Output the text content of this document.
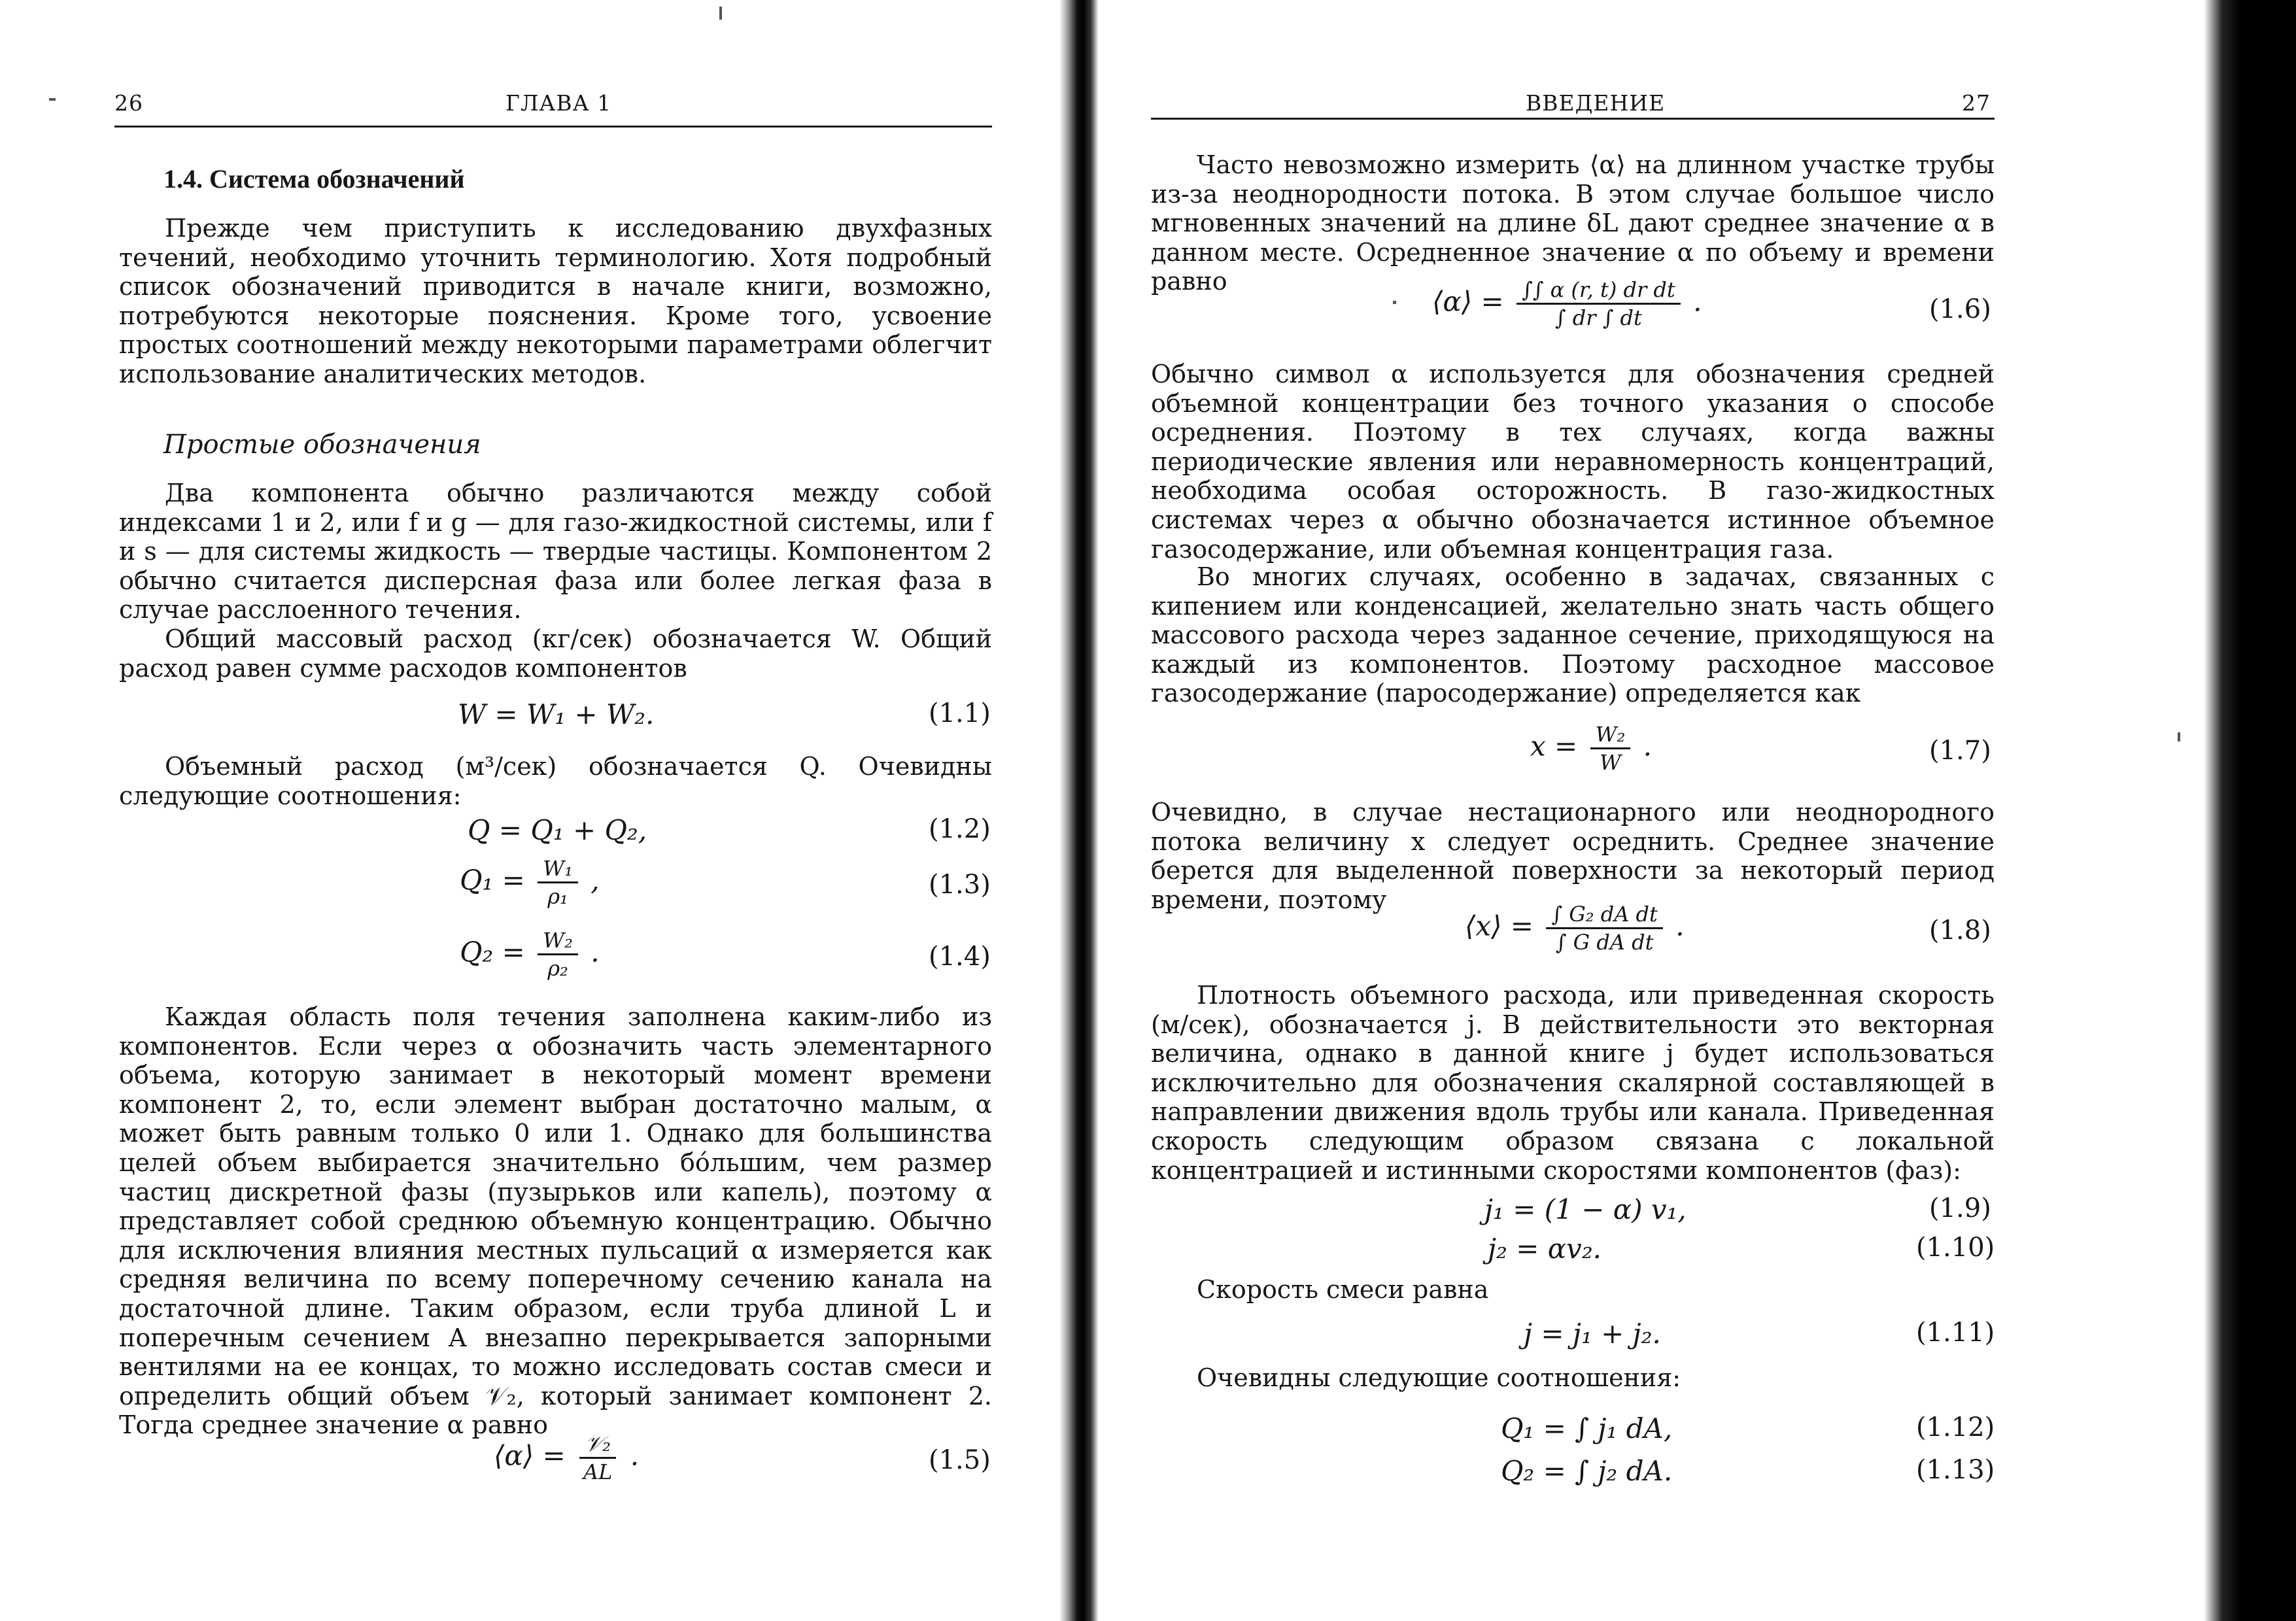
26	ГЛАВА 1
1.4. Система обозначений

Прежде чем приступить к исследованию двухфазных течений, необходимо уточнить терминологию. Хотя подробный список обозначений приводится в начале книги, возможно, потребуются некоторые пояснения. Кроме того, усвоение простых соотношений между некоторыми параметрами облегчит использование аналитических методов.

Простые обозначения

Два компонента обычно различаются между собой индексами 1 и 2, или f и g — для газо-жидкостной системы, или f и s — для системы жидкость — твердые частицы. Компонентом 2 обычно считается дисперсная фаза или более легкая фаза в случае расслоенного течения.

Общий массовый расход (кг/сек) обозначается W. Общий расход равен сумме расходов компонентов

W = W₁ + W₂.	(1.1)

Объемный расход (м³/сек) обозначается Q. Очевидны следующие соотношения:

Q = Q₁ + Q₂,	(1.2)
$Q_1 = \frac{\text{W₁}}{\text{ρ₁}}$ ,	(1.3)
$Q_2 = \frac{\text{W₂}}{\text{ρ₂}}$ .	(1.4)

Каждая область поля течения заполнена каким-либо из компонентов. Если через α обозначить часть элементарного объема, которую занимает в некоторый момент времени компонент 2, то, если элемент выбран достаточно малым, α может быть равным только 0 или 1. Однако для большинства целей объем выбирается значительно бо́льшим, чем размер частиц дискретной фазы (пузырьков или капель), поэтому α представляет собой среднюю объемную концентрацию. Обычно для исключения влияния местных пульсаций α измеряется как средняя величина по всему поперечному сечению канала на достаточной длине. Таким образом, если труба длиной L и поперечным сечением A внезапно перекрывается запорными вентилями на ее концах, то можно исследовать состав смеси и определить общий объем 𝒱₂, который занимает компонент 2. Тогда среднее значение α равно

⟨α⟩ = $\frac{\text{𝒱₂}}{AL}$ .	(1.5)
ВВЕДЕНИЕ	27

Часто невозможно измерить ⟨α⟩ на длинном участке трубы из-за неоднородности потока. В этом случае большое число мгновенных значений на длине δL дают среднее значение α в данном месте. Осредненное значение α по объему и времени равно

⟨α⟩ = $\frac{\text{∫∫ α (r, t) dr dt}}{\int dr \int dt}$ .	(1.6)

Обычно символ α используется для обозначения средней объемной концентрации без точного указания о способе осреднения. Поэтому в тех случаях, когда важны периодические явления или неравномерность концентраций, необходима особая осторожность. В газо-жидкостных системах через α обычно обозначается истинное объемное газосодержание, или объемная концентрация газа.

Во многих случаях, особенно в задачах, связанных с кипением или конденсацией, желательно знать часть общего массового расхода через заданное сечение, приходящуюся на каждый из компонентов. Поэтому расходное массовое газосодержание (паросодержание) определяется как

$x = \frac{\text{W₂}}{W}$ .	(1.7)

Очевидно, в случае нестационарного или неоднородного потока величину x следует осреднить. Среднее значение берется для выделенной поверхности за некоторый период времени, поэтому

⟨x⟩ = $\frac{\text{∫ G₂ dA dt}}{\text{∫ G dA dt}}$ .	(1.8)

Плотность объемного расхода, или приведенная скорость (м/сек), обозначается j. В действительности это векторная величина, однако в данной книге j будет использоваться исключительно для обозначения скалярной составляющей в направлении движения вдоль трубы или канала. Приведенная скорость следующим образом связана с локальной концентрацией и истинными скоростями компонентов (фаз):

j₁ = (1 − α) v₁,	(1.9)
j₂ = αv₂.	(1.10)

Скорость смеси равна

j = j₁ + j₂.	(1.11)

Очевидны следующие соотношения:

Q₁ = ∫ j₁ dA,	(1.12)
Q₂ = ∫ j₂ dA.	(1.13)
